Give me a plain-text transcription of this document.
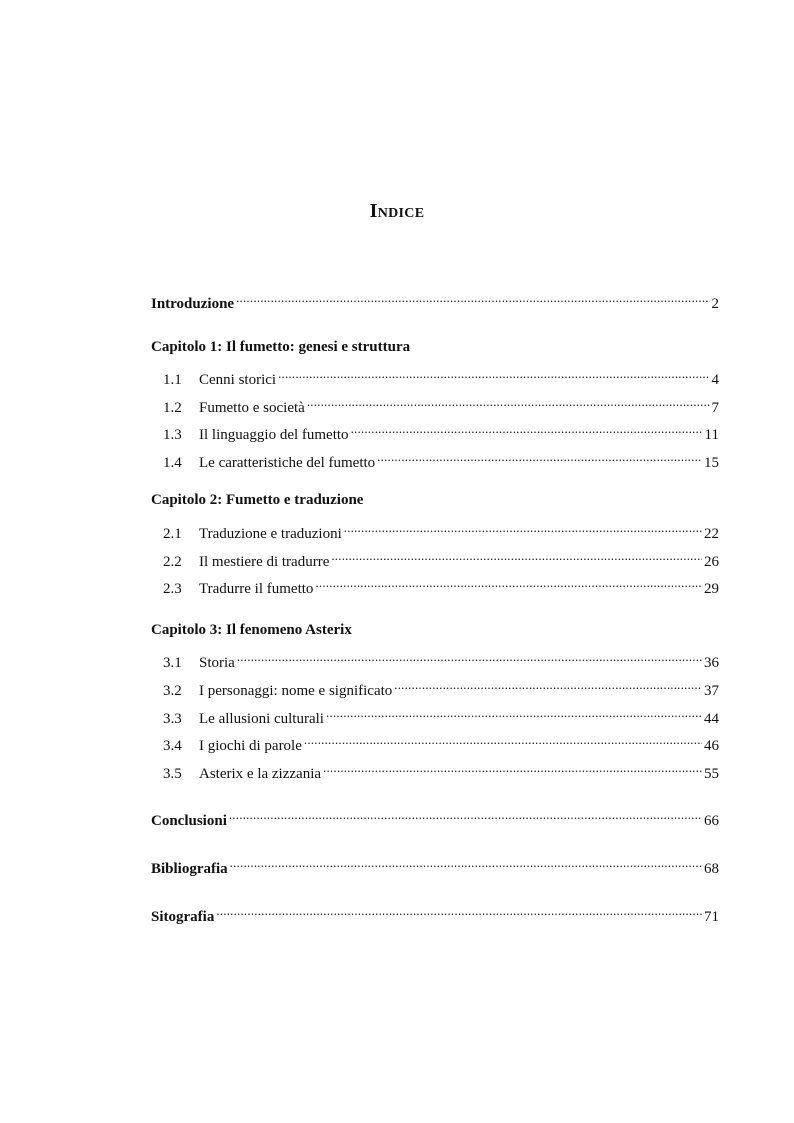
Indice
Introduzione .....	2
Capitolo 1: Il fumetto: genesi e struttura
1.1	Cenni storici .....	4
1.2	Fumetto e società .....	7
1.3	Il linguaggio del fumetto .....	11
1.4	Le caratteristiche del fumetto .....	15
Capitolo 2: Fumetto e traduzione
2.1	Traduzione e traduzioni .....	22
2.2	Il mestiere di tradurre .....	26
2.3	Tradurre il fumetto .....	29
Capitolo 3: Il fenomeno Asterix
3.1	Storia .....	36
3.2	I personaggi: nome e significato .....	37
3.3	Le allusioni culturali .....	44
3.4	I giochi di parole .....	46
3.5	Asterix e la zizzania .....	55
Conclusioni .....	66
Bibliografia .....	68
Sitografia .....	71
